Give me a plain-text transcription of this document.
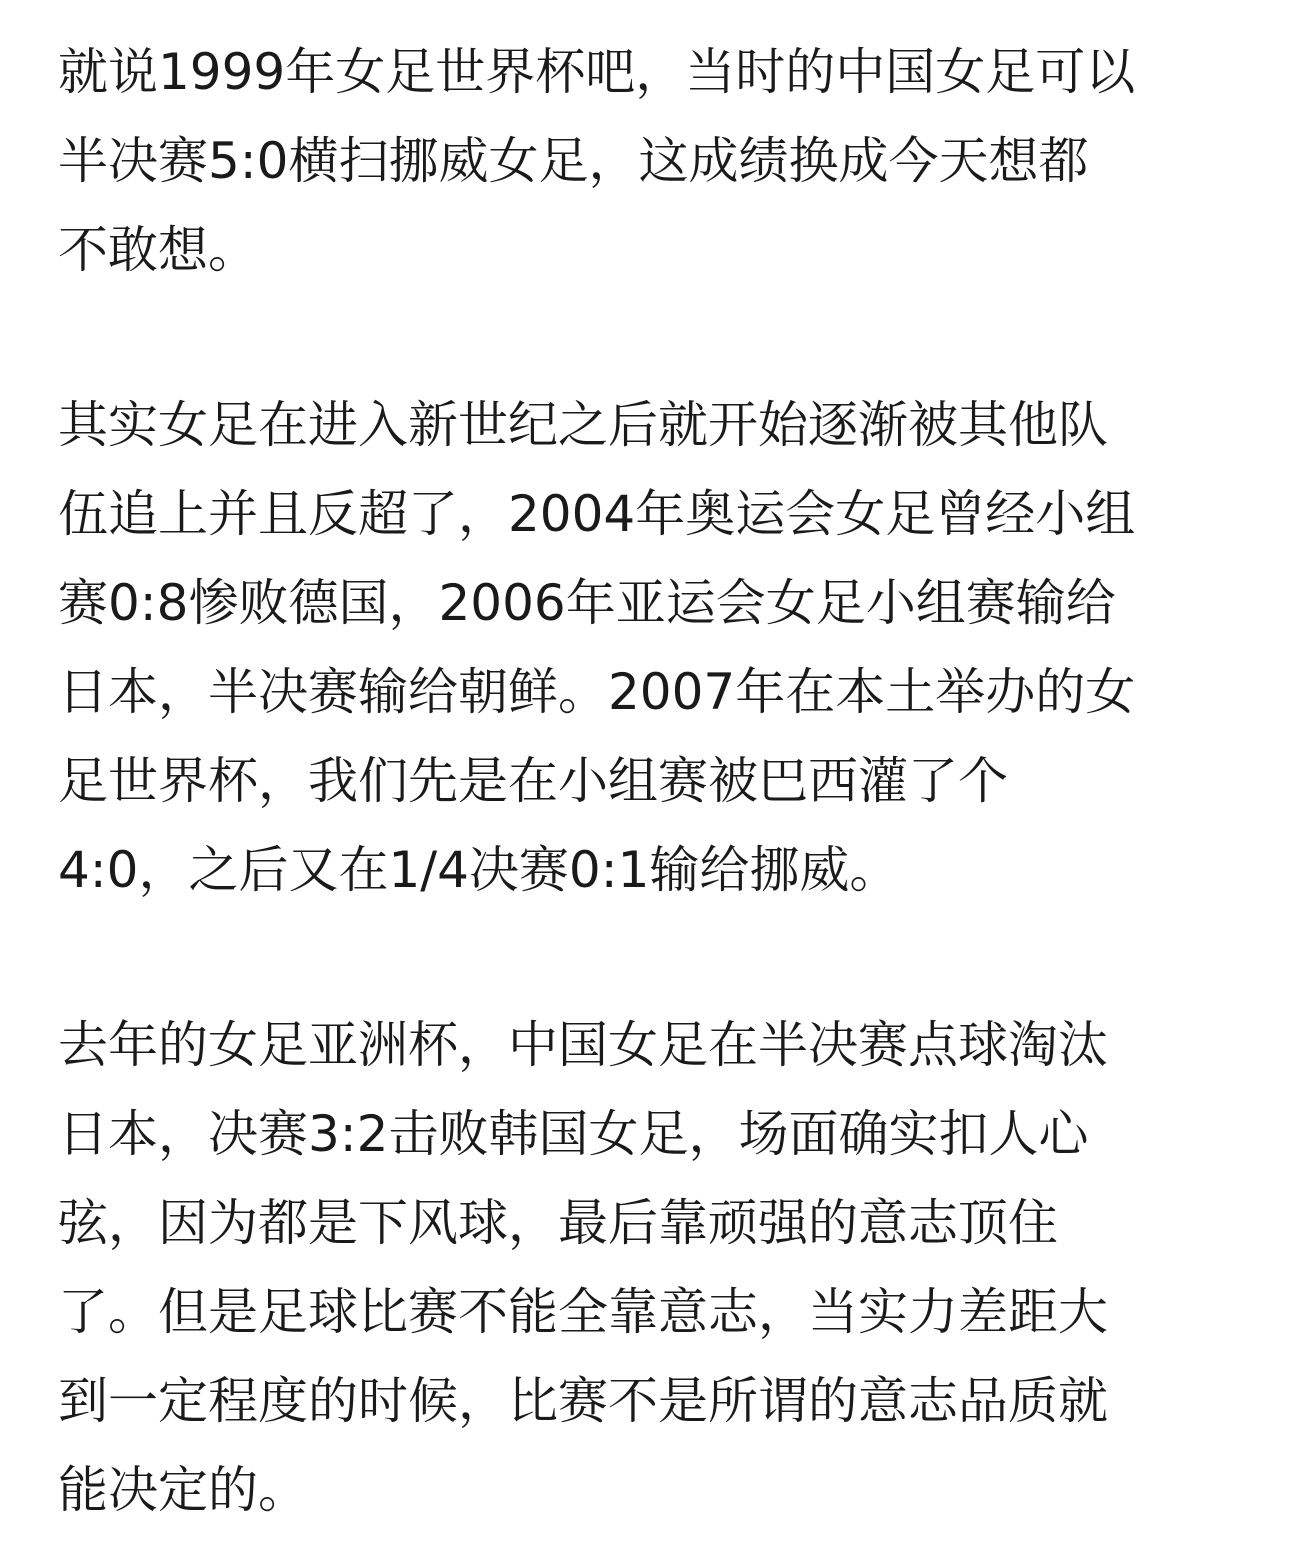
就说1999年女足世界杯吧，当时的中国女足可以
半决赛5:0横扫挪威女足，这成绩换成今天想都
不敢想。

其实女足在进入新世纪之后就开始逐渐被其他队
伍追上并且反超了，2004年奥运会女足曾经小组
赛0:8惨败德国，2006年亚运会女足小组赛输给
日本，半决赛输给朝鲜。2007年在本土举办的女
足世界杯，我们先是在小组赛被巴西灌了个
4:0，之后又在1/4决赛0:1输给挪威。

去年的女足亚洲杯，中国女足在半决赛点球淘汰
日本，决赛3:2击败韩国女足，场面确实扣人心
弦，因为都是下风球，最后靠顽强的意志顶住
了。但是足球比赛不能全靠意志，当实力差距大
到一定程度的时候，比赛不是所谓的意志品质就
能决定的。
